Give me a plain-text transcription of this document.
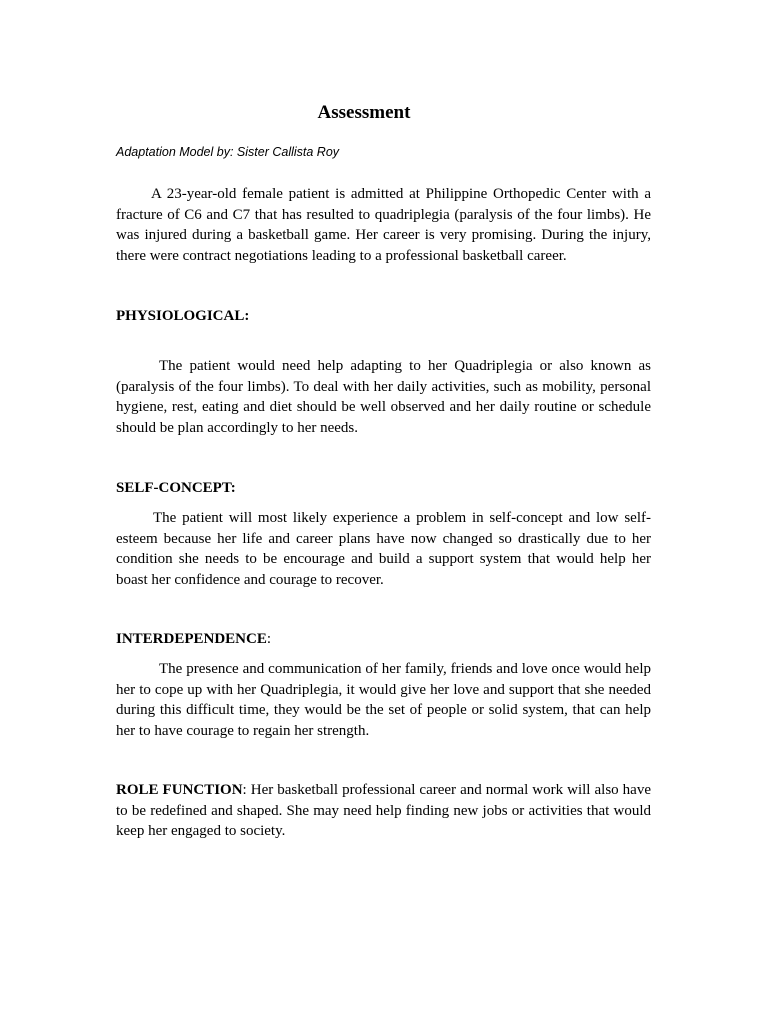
Assessment
Adaptation Model by: Sister Callista Roy

A 23-year-old female patient is admitted at Philippine Orthopedic Center with a fracture of C6 and C7 that has resulted to quadriplegia (paralysis of the four limbs). He was injured during a basketball game. Her career is very promising. During the injury, there were contract negotiations leading to a professional basketball career.

PHYSIOLOGICAL:

The patient would need help adapting to her Quadriplegia or also known as (paralysis of the four limbs). To deal with her daily activities, such as mobility, personal hygiene, rest, eating and diet should be well observed and her daily routine or schedule should be plan accordingly to her needs.

SELF-CONCEPT:

The patient will most likely experience a problem in self-concept and low self-esteem because her life and career plans have now changed so drastically due to her condition she needs to be encourage and build a support system that would help her boast her confidence and courage to recover.

INTERDEPENDENCE:

The presence and communication of her family, friends and love once would help her to cope up with her Quadriplegia, it would give her love and support that she needed during this difficult time, they would be the set of people or solid system, that can help her to have courage to regain her strength.

ROLE FUNCTION: Her basketball professional career and normal work will also have to be redefined and shaped. She may need help finding new jobs or activities that would keep her engaged to society.
